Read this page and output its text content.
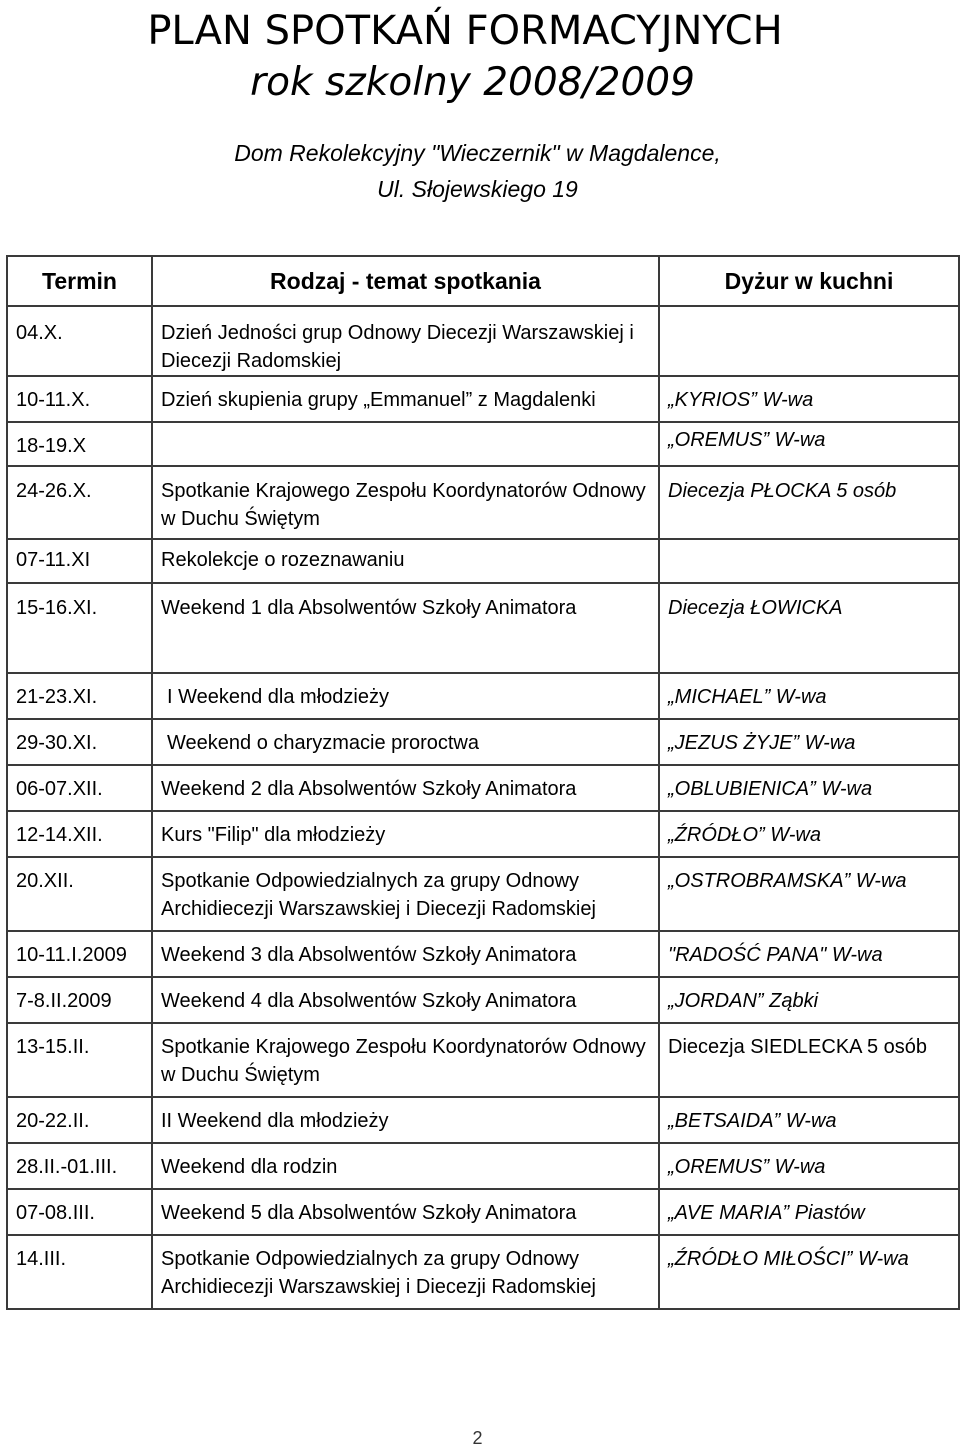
PLAN SPOTKAŃ FORMACYJNYCH
rok szkolny 2008/2009
Dom Rekolekcyjny "Wieczernik" w Magdalence,
Ul. Słojewskiego 19
Termin	Rodzaj - temat spotkania	Dyżur w kuchni
04.X.	Dzień Jedności grup Odnowy Diecezji Warszawskiej i Diecezji Radomskiej	
10-11.X.	Dzień skupienia grupy „Emmanuel” z Magdalenki	„KYRIOS” W-wa
18-19.X		„OREMUS” W-wa
24-26.X.	Spotkanie Krajowego Zespołu Koordynatorów Odnowy w Duchu Świętym	Diecezja PŁOCKA 5 osób
07-11.XI	Rekolekcje o rozeznawaniu	
15-16.XI.	Weekend 1 dla Absolwentów Szkoły Animatora	Diecezja ŁOWICKA
21-23.XI.	I Weekend dla młodzieży	„MICHAEL” W-wa
29-30.XI.	Weekend o charyzmacie proroctwa	„JEZUS ŻYJE” W-wa
06-07.XII.	Weekend 2 dla Absolwentów Szkoły Animatora	„OBLUBIENICA” W-wa
12-14.XII.	Kurs "Filip" dla młodzieży	„ŹRÓDŁO” W-wa
20.XII.	Spotkanie Odpowiedzialnych za grupy Odnowy Archidiecezji Warszawskiej i Diecezji Radomskiej	„OSTROBRAMSKA” W-wa
10-11.I.2009	Weekend 3 dla Absolwentów Szkoły Animatora	"RADOŚĆ PANA" W-wa
7-8.II.2009	Weekend 4 dla Absolwentów Szkoły Animatora	„JORDAN” Ząbki
13-15.II.	Spotkanie Krajowego Zespołu Koordynatorów Odnowy w Duchu Świętym	Diecezja SIEDLECKA 5 osób
20-22.II.	II Weekend dla młodzieży	„BETSAIDA” W-wa
28.II.-01.III.	Weekend dla rodzin	„OREMUS” W-wa
07-08.III.	Weekend 5 dla Absolwentów Szkoły Animatora	„AVE MARIA” Piastów
14.III.	Spotkanie Odpowiedzialnych za grupy Odnowy Archidiecezji Warszawskiej i Diecezji Radomskiej	„ŹRÓDŁO MIŁOŚCI” W-wa
2
